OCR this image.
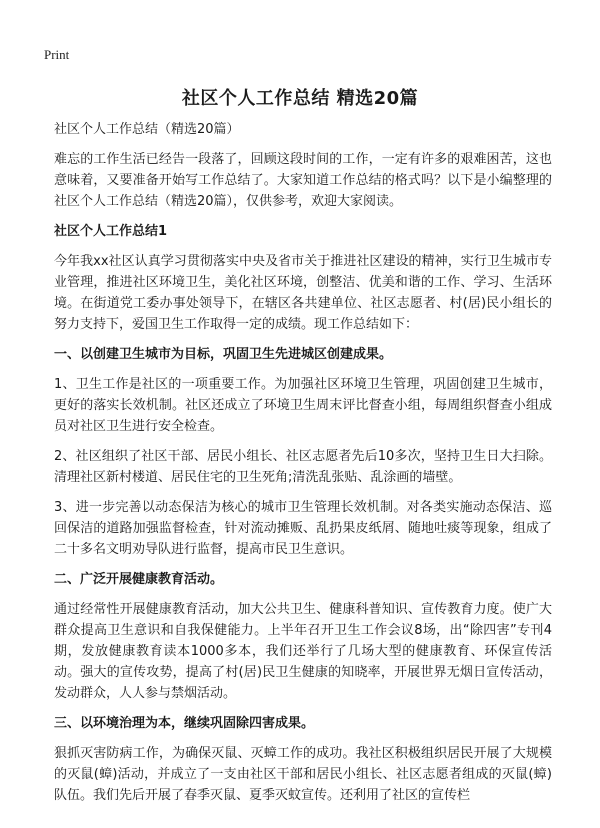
Print
社区个人工作总结 精选20篇

社区个人工作总结（精选20篇）

难忘的工作生活已经告一段落了，回顾这段时间的工作，一定有许多的艰难困苦，这也意味着，又要准备开始写工作总结了。大家知道工作总结的格式吗？以下是小编整理的社区个人工作总结（精选20篇），仅供参考，欢迎大家阅读。

社区个人工作总结1

今年我xx社区认真学习贯彻落实中央及省市关于推进社区建设的精神，实行卫生城市专业管理，推进社区环境卫生，美化社区环境，创整洁、优美和谐的工作、学习、生活环境。在街道党工委办事处领导下，在辖区各共建单位、社区志愿者、村(居)民小组长的努力支持下，爱国卫生工作取得一定的成绩。现工作总结如下：

一、以创建卫生城市为目标，巩固卫生先进城区创建成果。

1、卫生工作是社区的一项重要工作。为加强社区环境卫生管理，巩固创建卫生城市，更好的落实长效机制。社区还成立了环境卫生周末评比督查小组，每周组织督查小组成员对社区卫生进行安全检查。

2、社区组织了社区干部、居民小组长、社区志愿者先后10多次，坚持卫生日大扫除。清理社区新村楼道、居民住宅的卫生死角;清洗乱张贴、乱涂画的墙壁。

3、进一步完善以动态保洁为核心的城市卫生管理长效机制。对各类实施动态保洁、巡回保洁的道路加强监督检查，针对流动摊贩、乱扔果皮纸屑、随地吐痰等现象，组成了二十多名文明劝导队进行监督，提高市民卫生意识。

二、广泛开展健康教育活动。

通过经常性开展健康教育活动，加大公共卫生、健康科普知识、宣传教育力度。使广大群众提高卫生意识和自我保健能力。上半年召开卫生工作会议8场，出“除四害”专刊4期，发放健康教育读本1000多本，我们还举行了几场大型的健康教育、环保宣传活动。强大的宣传攻势，提高了村(居)民卫生健康的知晓率，开展世界无烟日宣传活动，发动群众，人人参与禁烟活动。

三、以环境治理为本，继续巩固除四害成果。

狠抓灭害防病工作，为确保灭鼠、灭蟑工作的成功。我社区积极组织居民开展了大规模的灭鼠(蟑)活动，并成立了一支由社区干部和居民小组长、社区志愿者组成的灭鼠(蟑)队伍。我们先后开展了春季灭鼠、夏季灭蚊宣传。还利用了社区的宣传栏
